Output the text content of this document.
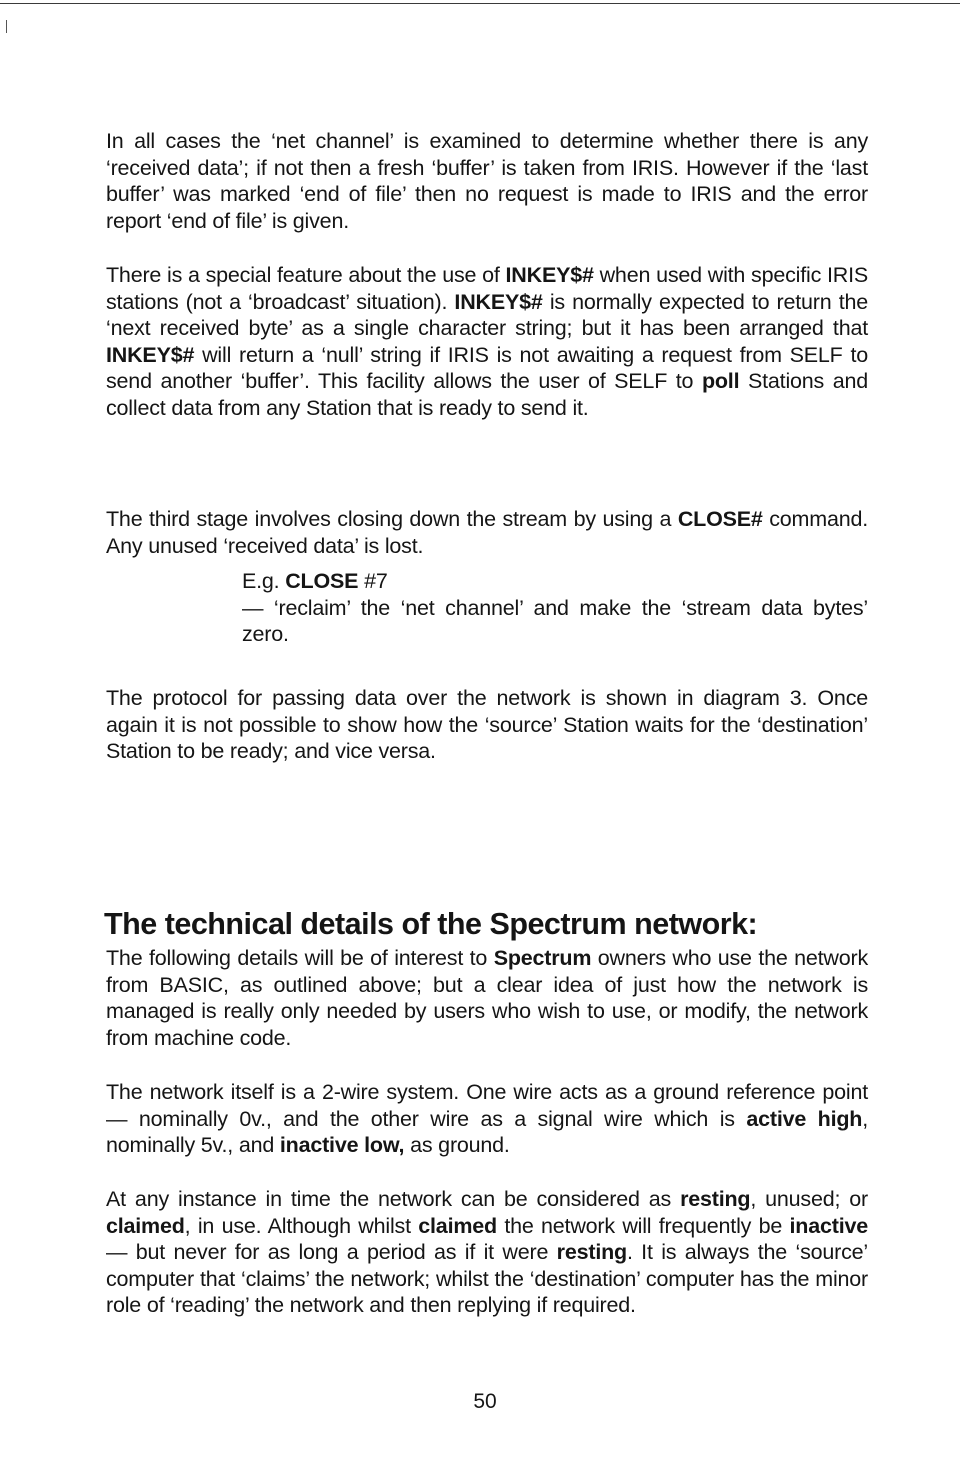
In all cases the ‘net channel’ is examined to determine whether there is any ‘received data’; if not then a fresh ‘buffer’ is taken from IRIS. However if the ‘last buffer’ was marked ‘end of file’ then no request is made to IRIS and the error report ‘end of file’ is given.

There is a special feature about the use of INKEY$# when used with specific IRIS stations (not a ‘broadcast’ situation). INKEY$# is normally expected to return the ‘next received byte’ as a single character string; but it has been arranged that INKEY$# will return a ‘null’ string if IRIS is not awaiting a request from SELF to send another ‘buffer’. This facility allows the user of SELF to poll Stations and collect data from any Station that is ready to send it.

The third stage involves closing down the stream by using a CLOSE# command. Any unused ‘received data’ is lost.

E.g. CLOSE #7
— ‘reclaim’ the ‘net channel’ and make the ‘stream data bytes’ zero.

The protocol for passing data over the network is shown in diagram 3. Once again it is not possible to show how the ‘source’ Station waits for the ‘destination’ Station to be ready; and vice versa.

The technical details of the Spectrum network:

The following details will be of interest to Spectrum owners who use the network from BASIC, as outlined above; but a clear idea of just how the network is managed is really only needed by users who wish to use, or modify, the network from machine code.

The network itself is a 2-wire system. One wire acts as a ground reference point — nominally 0v., and the other wire as a signal wire which is active high, nominally 5v., and inactive low, as ground.

At any instance in time the network can be considered as resting, unused; or claimed, in use. Although whilst claimed the network will frequently be inactive — but never for as long a period as if it were resting. It is always the ‘source’ computer that ‘claims’ the network; whilst the ‘destination’ computer has the minor role of ‘reading’ the network and then replying if required.

50
